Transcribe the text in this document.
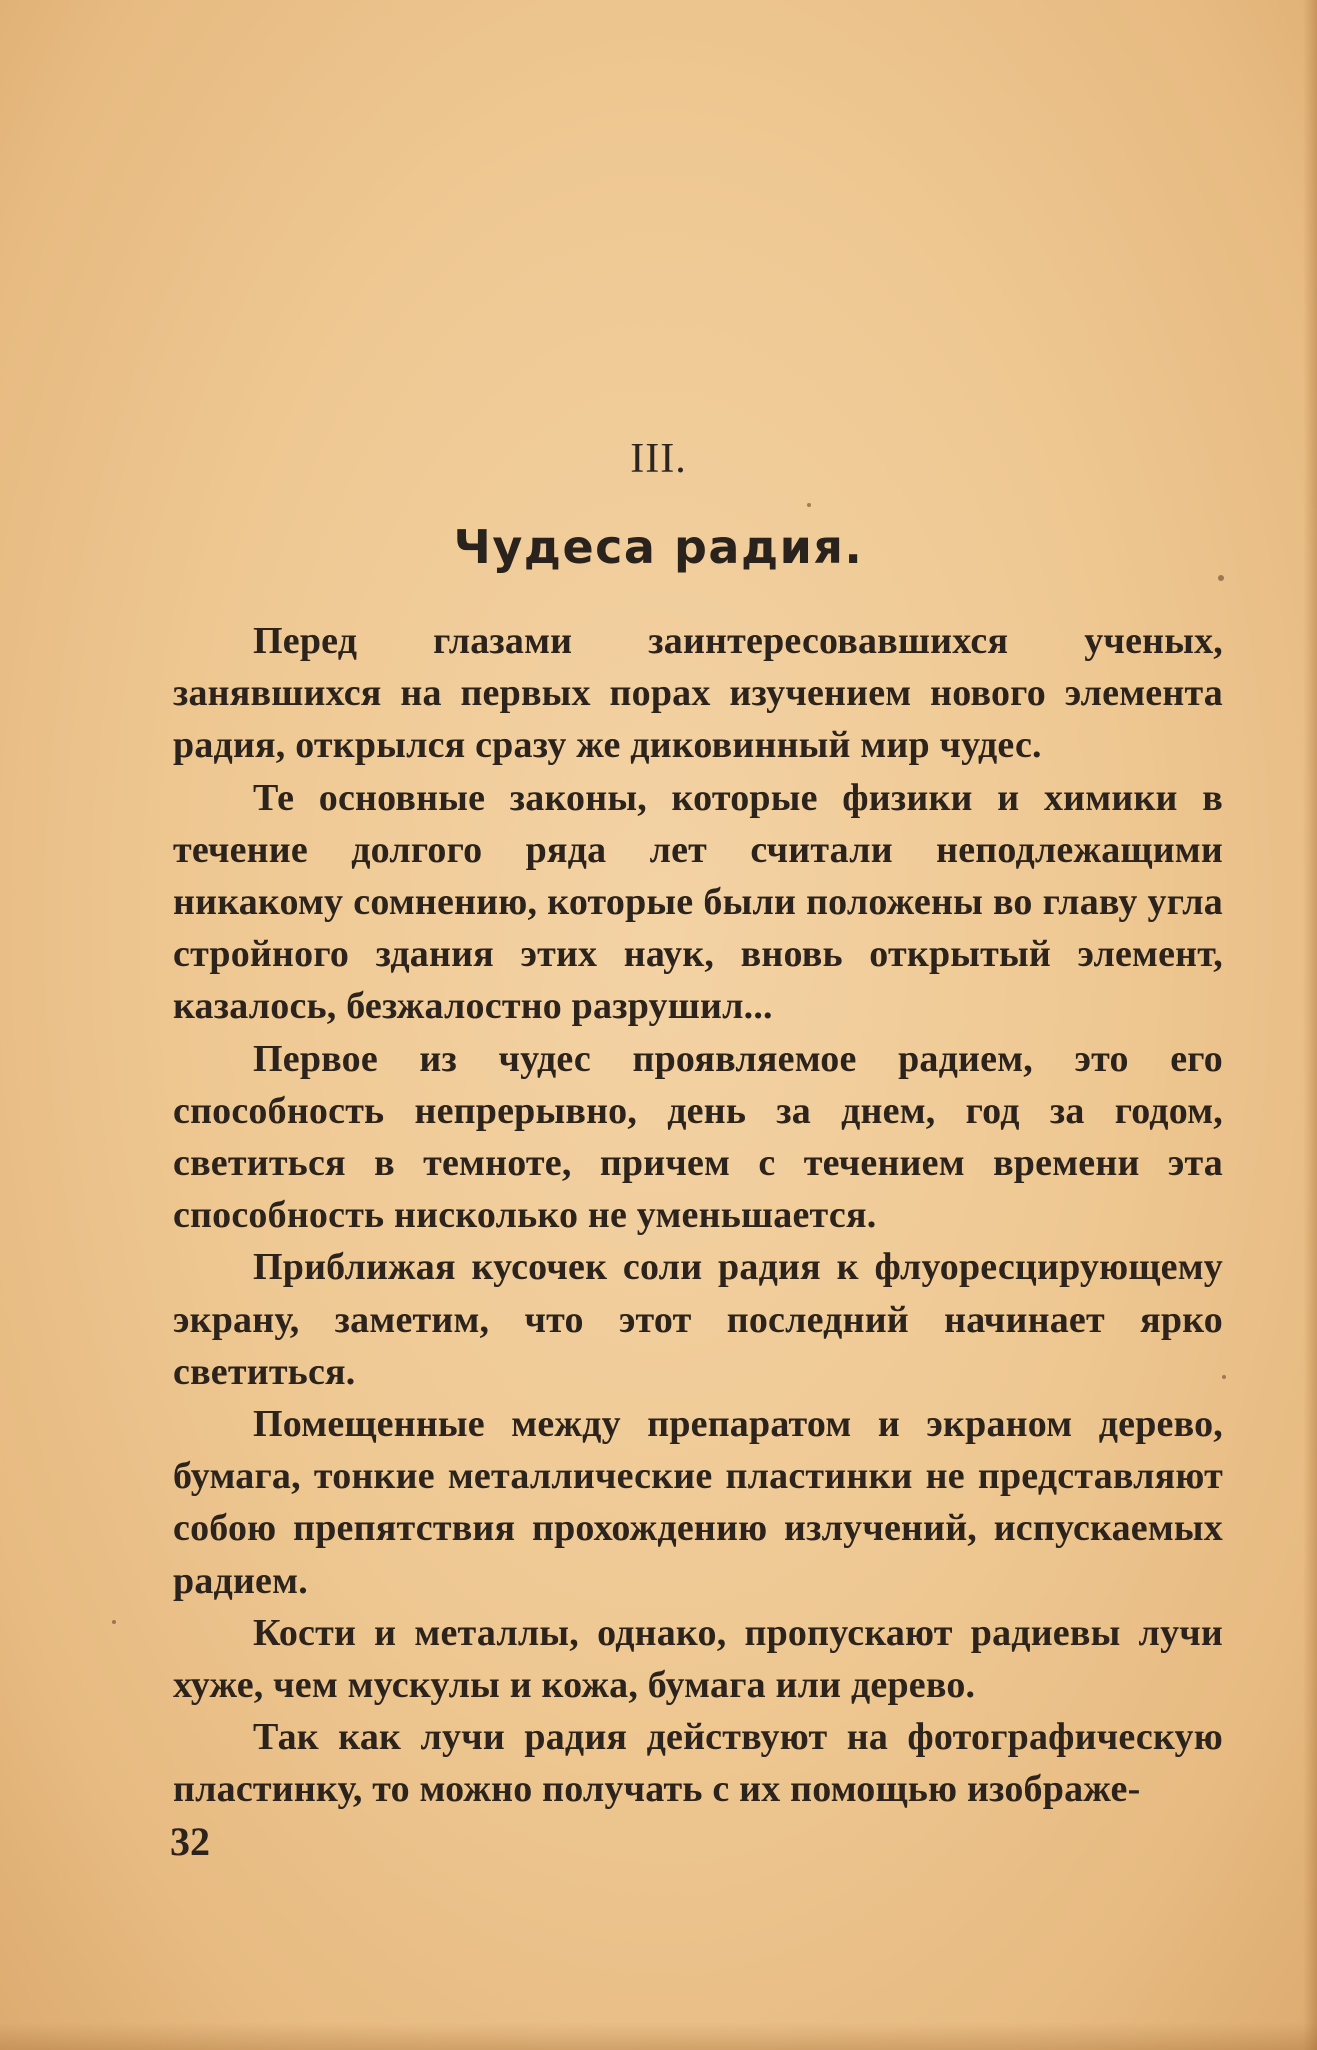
III.
Чудеса радия.

Перед глазами заинтересовавшихся ученых, занявшихся на первых порах изучением нового элемента радия, открылся сразу же диковинный мир чудес.

Те основные законы, которые физики и химики в течение долгого ряда лет считали неподлежащими никакому сомнению, которые были положены во главу угла стройного здания этих наук, вновь открытый элемент, казалось, безжалостно разрушил...

Первое из чудес проявляемое радием, это его способность непрерывно, день за днем, год за годом, светиться в темноте, причем с течением времени эта способность нисколько не уменьшается.

Приближая кусочек соли радия к флуоресцирующему экрану, заметим, что этот последний начинает ярко светиться.

Помещенные между препаратом и экраном дерево, бумага, тонкие металлические пластинки не представляют собою препятствия прохождению излучений, испускаемых радием.

Кости и металлы, однако, пропускают радиевы лучи хуже, чем мускулы и кожа, бумага или дерево.

Так как лучи радия действуют на фотографическую пластинку, то можно получать с их помощью изображе-

32
